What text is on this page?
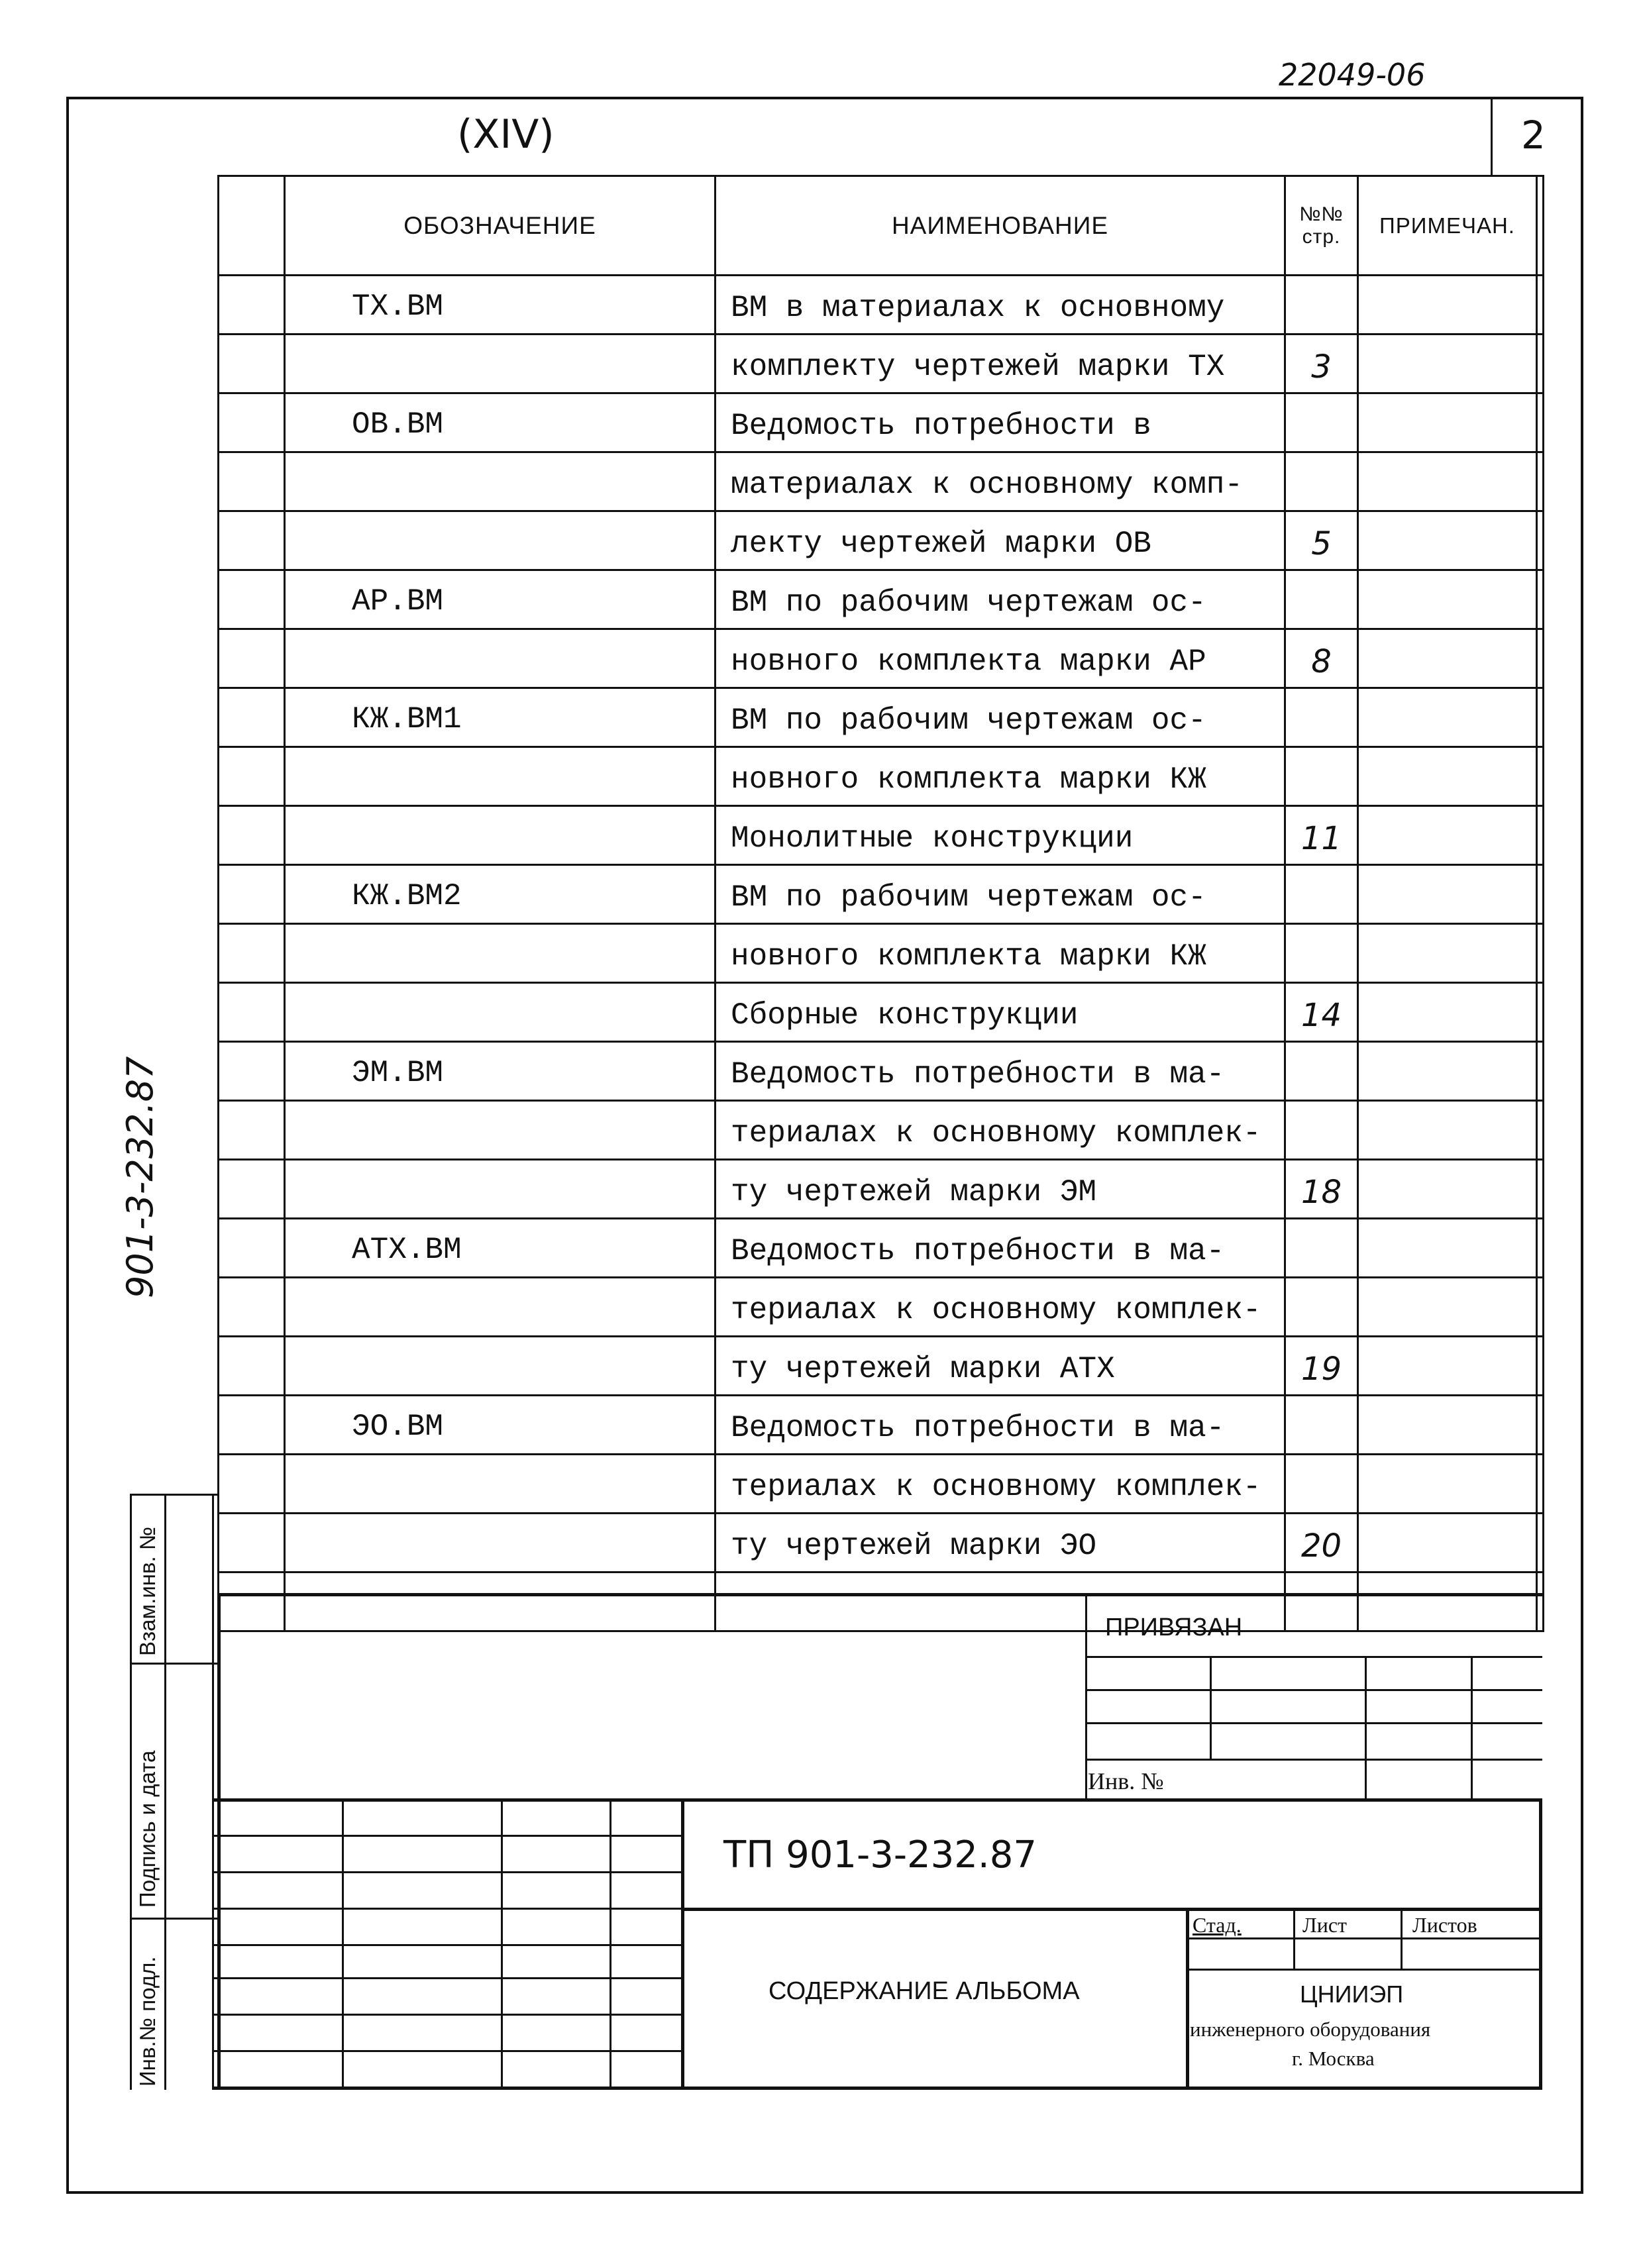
22049-06
(XIV)	2
	ОБОЗНАЧЕНИЕ	НАИМЕНОВАНИЕ	№№ стр.	ПРИМЕЧАН.	
	ТХ.ВМ	ВМ в материалах к основному			
		комплекту чертежей марки ТХ	3		
	ОВ.ВМ	Ведомость потребности в			
		материалах к основному комп-			
		лекту чертежей марки ОВ	5		
	АР.ВМ	ВМ по рабочим чертежам ос-			
		новного комплекта марки АР	8		
	КЖ.ВМ1	ВМ по рабочим чертежам ос-			
		новного комплекта марки КЖ			
		Монолитные конструкции	11		
	КЖ.ВМ2	ВМ по рабочим чертежам ос-			
		новного комплекта марки КЖ			
		Сборные конструкции	14		
	ЭМ.ВМ	Ведомость потребности в ма-			
		териалах к основному комплек-			
		ту чертежей марки ЭМ	18		
	АТХ.ВМ	Ведомость потребности в ма-			
		териалах к основному комплек-			
		ту чертежей марки АТХ	19		
	ЭО.ВМ	Ведомость потребности в ма-			
		териалах к основному комплек-			
		ту чертежей марки ЭО	20		

901-3-232.87
Взам.инв. №
Подпись и дата
Инв.№ подл.
ПРИВЯЗАН
Инв. №
ТП 901-3-232.87
СОДЕРЖАНИЕ АЛЬБОМА
Стад.	Лист	Листов
ЦНИИЭП
инженерного оборудования
г. Москва
